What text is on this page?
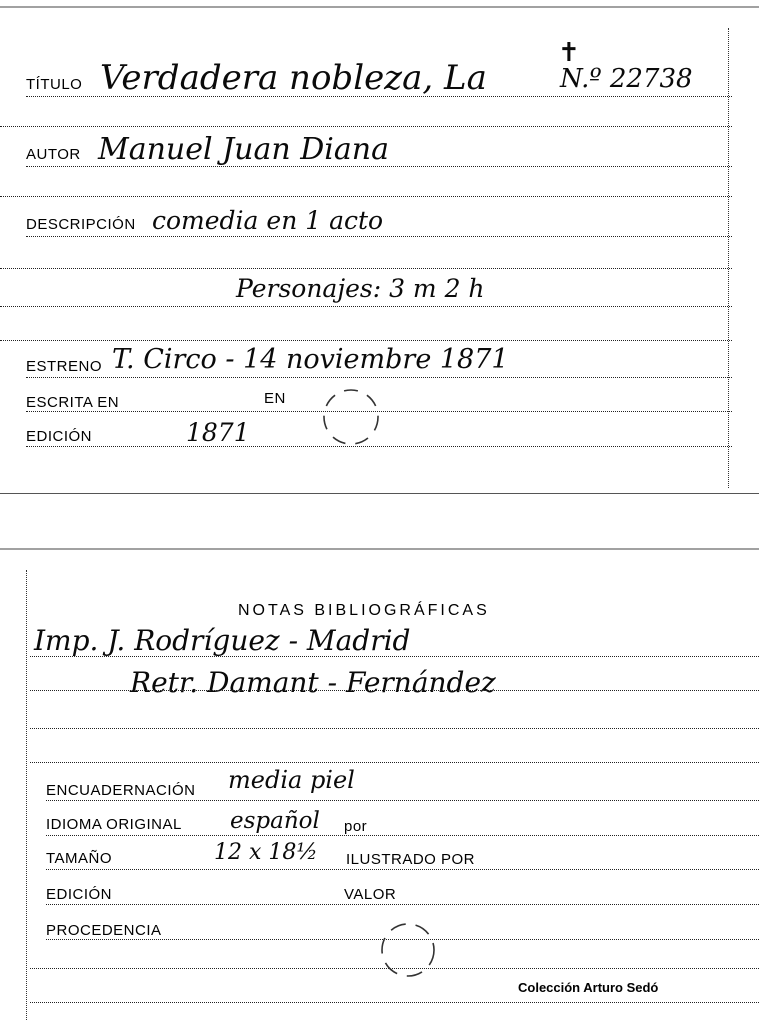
TÍTULO Verdadera nobleza, La
✝
N.º 22738
AUTOR Manuel Juan Diana
DESCRIPCIÓN comedia en 1 acto
Personajes: 3 m 2 h
ESTRENO T. Circo - 14 noviembre 1871
ESCRITA EN	EN
EDICIÓN	1871
NOTAS BIBLIOGRÁFICAS
Imp. J. Rodríguez - Madrid
Retr. Damant - Fernández
ENCUADERNACIÓN media piel
IDIOMA ORIGINAL español por
TAMAÑO	12 x 18½ ILUSTRADO POR
EDICIÓN	VALOR
PROCEDENCIA
Colección Arturo Sedó
